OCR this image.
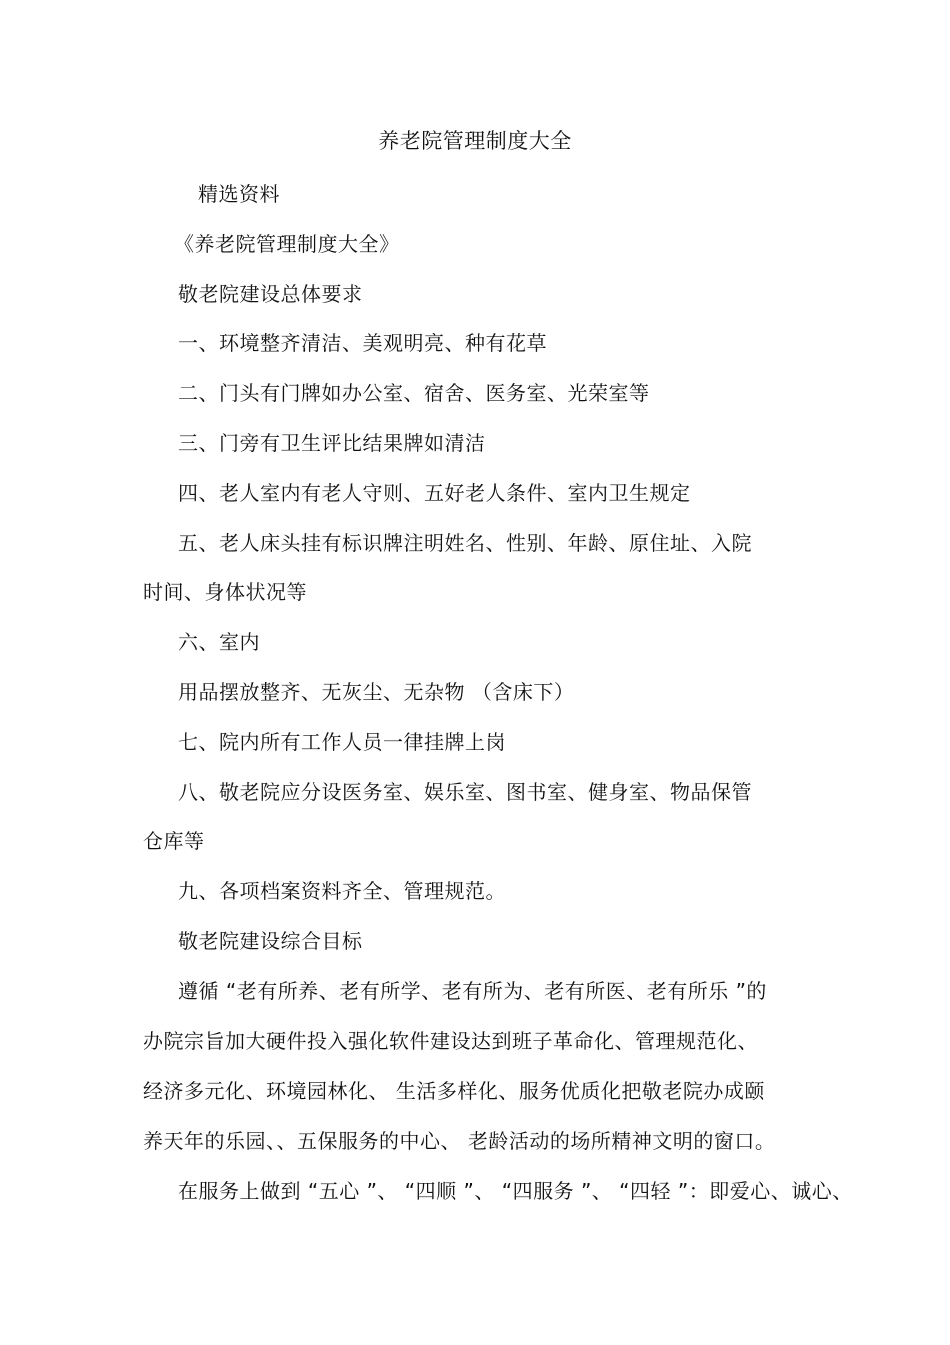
养老院管理制度大全
精选资料
《养老院管理制度大全》
敬老院建设总体要求
一、环境整齐清洁、美观明亮、种有花草
二、门头有门牌如办公室、宿舍、医务室、光荣室等
三、门旁有卫生评比结果牌如清洁
四、老人室内有老人守则、五好老人条件、室内卫生规定
五、老人床头挂有标识牌注明姓名、性别、年龄、原住址、入院
时间、身体状况等
六、室内
用品摆放整齐、无灰尘、无杂物 （含床下）
七、院内所有工作人员一律挂牌上岗
八、敬老院应分设医务室、娱乐室、图书室、健身室、物品保管
仓库等
九、各项档案资料齐全、管理规范。
敬老院建设综合目标
遵循 “老有所养、老有所学、老有所为、老有所医、老有所乐 ”的
办院宗旨加大硬件投入强化软件建设达到班子革命化、管理规范化、
经济多元化、环境园林化、 生活多样化、服务优质化把敬老院办成颐
养天年的乐园、、五保服务的中心、 老龄活动的场所精神文明的窗口。
在服务上做到 “五心 ”、 “四顺 ”、 “四服务 ”、 “四轻 ”：即爱心、诚心、
